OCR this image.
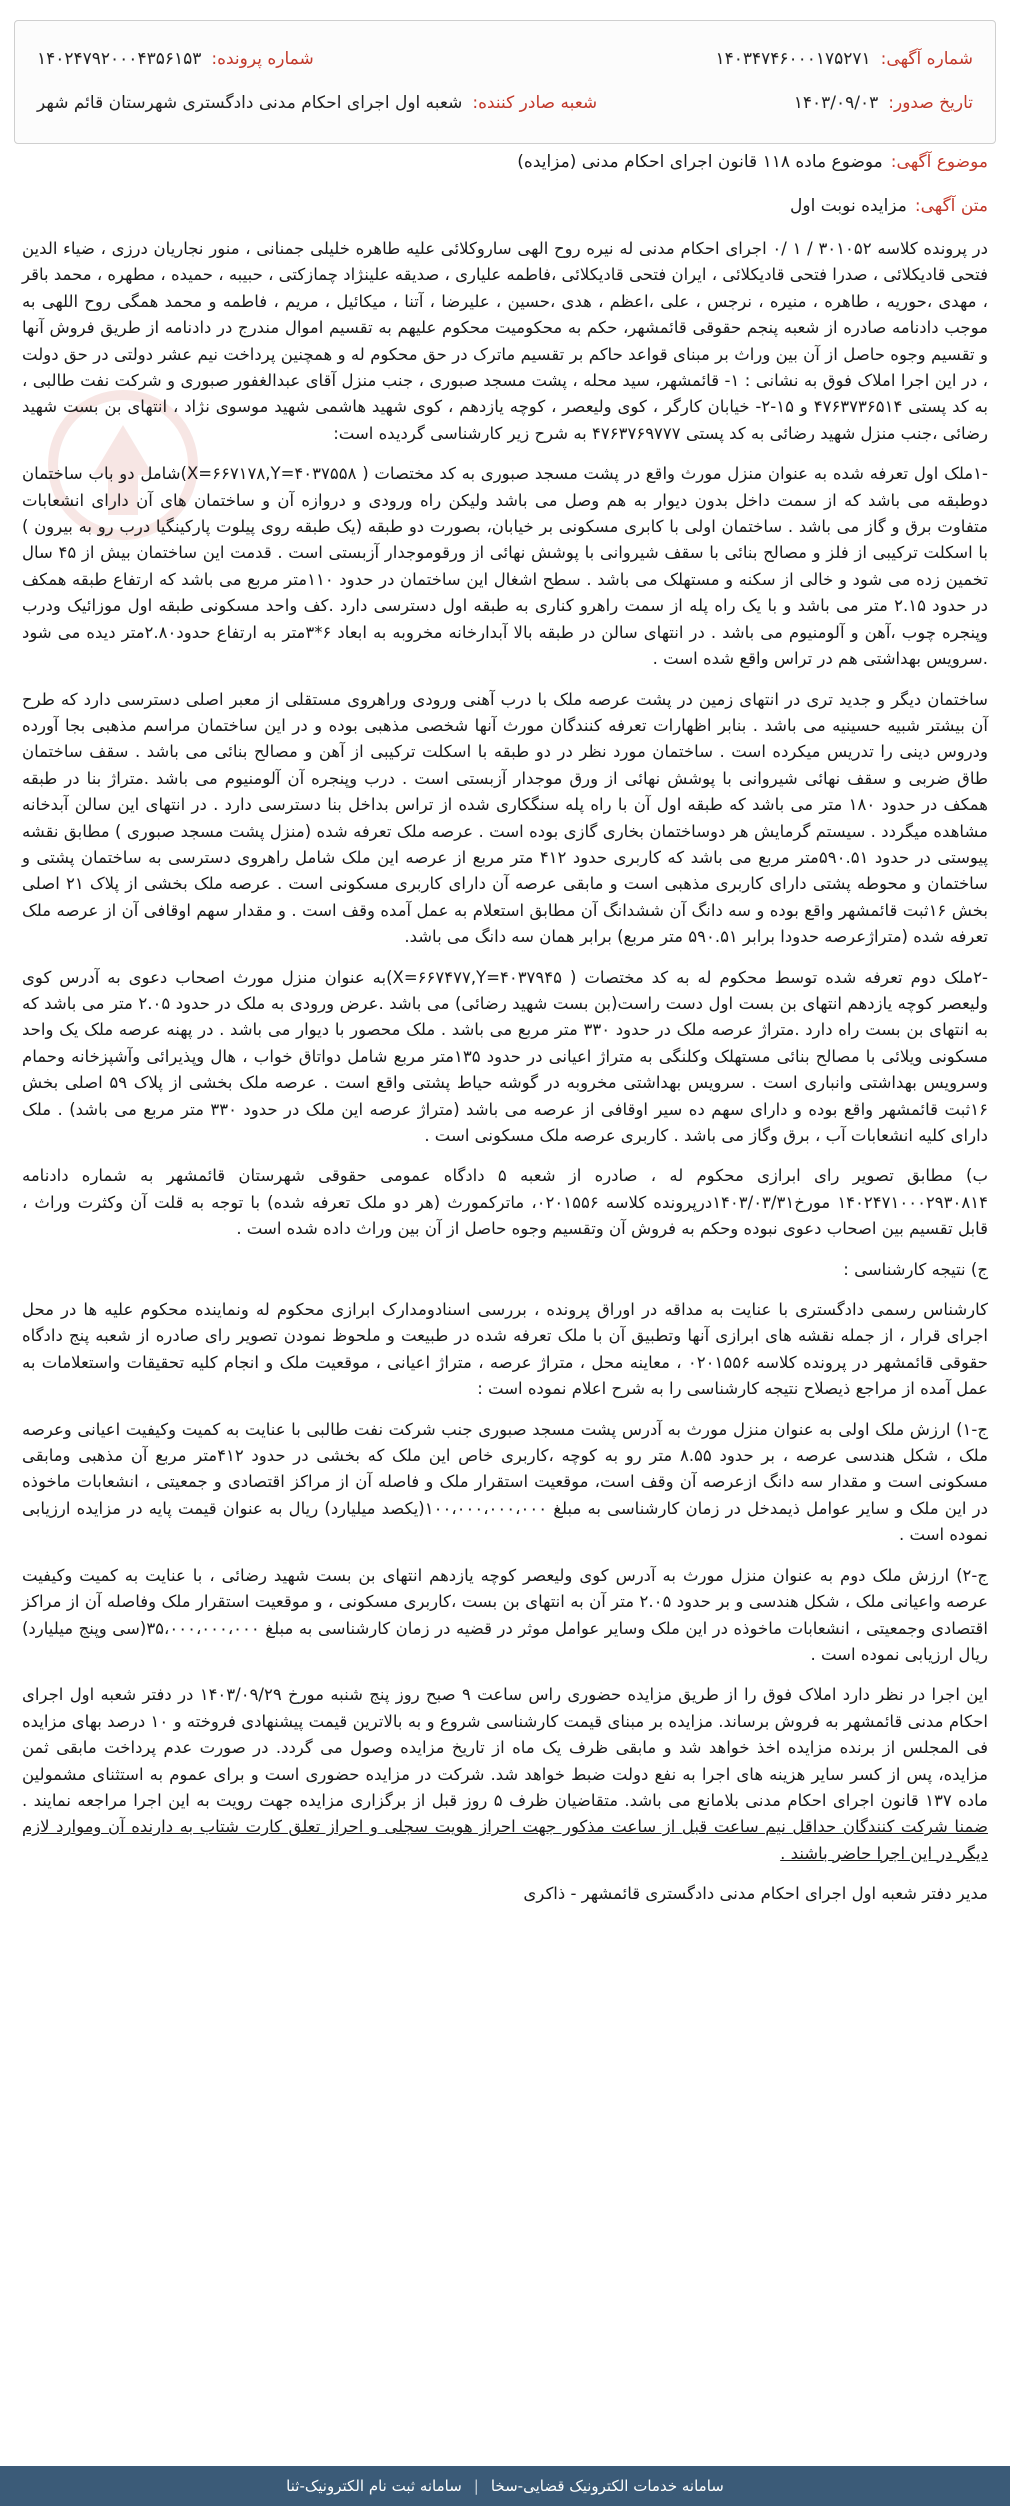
شماره آگهی:
۱۴۰۳۴۷۴۶۰۰۰۱۷۵۲۷۱
شماره پرونده:
۱۴۰۲۴۷۹۲۰۰۰۴۳۵۶۱۵۳
تاریخ صدور:
۱۴۰۳/۰۹/۰۳
شعبه صادر کننده:
شعبه اول اجرای احکام مدنی دادگستری شهرستان قائم شهر
موضوع آگهی:
موضوع ماده ۱۱۸ قانون اجرای احکام مدنی (مزایده)
متن آگهی:
مزایده نوبت اول

در پرونده کلاسه ۳۰۱۰۵۲ / ۱ /۰ اجرای احکام مدنی له نیره روح الهی ساروکلائی علیه طاهره خلیلی جمنانی ، منور نجاریان درزی ، ضیاء الدین فتحی قادیکلائی ، صدرا فتحی قادیکلائی ، ایران فتحی قادیکلائی ،فاطمه علیاری ، صدیقه علینژاد چمازکتی ، حبیبه ، حمیده ، مطهره ، محمد باقر ، مهدی ،حوریه ، طاهره ، منیره ، نرجس ، علی ،اعظم ، هدی ،حسین ، علیرضا ، آتنا ، میکائیل ، مریم ، فاطمه و محمد همگی روح اللهی به موجب دادنامه صادره از شعبه پنجم حقوقی قائمشهر، حکم به محکومیت محکوم علیهم به تقسیم اموال مندرج در دادنامه از طریق فروش آنها و تقسیم وجوه حاصل از آن بین وراث بر مبنای قواعد حاکم بر تقسیم ماترک در حق محکوم له و همچنین پرداخت نیم عشر دولتی در حق دولت ، در این اجرا املاک فوق به نشانی : ۱- قائمشهر، سید محله ، پشت مسجد صبوری ، جنب منزل آقای عبدالغفور صبوری و شرکت نفت طالبی ، به کد پستی ۴۷۶۳۷۳۶۵۱۴ و ۱۵-۲- خیابان کارگر ، کوی ولیعصر ، کوچه یازدهم ، کوی شهید هاشمی شهید موسوی نژاد ، انتهای بن بست شهید رضائی ،جنب منزل شهید رضائی به کد پستی ۴۷۶۳۷۶۹۷۷۷ به شرح زیر کارشناسی گردیده است:

-۱ملک اول تعرفه شده به عنوان منزل مورث واقع در پشت مسجد صبوری به کد مختصات ( X=۶۶۷۱۷۸,Y=۴۰۳۷۵۵۸)شامل دو باب ساختمان دوطبقه می باشد که از سمت داخل بدون دیوار به هم وصل می باشد ولیکن راه ورودی و دروازه آن و ساختمان های آن دارای انشعابات متفاوت برق و گاز می باشد . ساختمان اولی با کابری مسکونی بر خیابان، بصورت دو طبقه (یک طبقه روی پیلوت پارکینگیا درب رو به بیرون ) با اسکلت ترکیبی از فلز و مصالح بنائی با سقف شیروانی با پوشش نهائی از ورقوموجدار آزبستی است . قدمت این ساختمان بیش از ۴۵ سال تخمین زده می شود و خالی از سکنه و مستهلک می باشد . سطح اشغال این ساختمان در حدود ۱۱۰متر مربع می باشد که ارتفاع طبقه همکف در حدود ۲.۱۵ متر می باشد و با یک راه پله از سمت راهرو کناری به طبقه اول دسترسی دارد .کف واحد مسکونی طبقه اول موزائیک ودرب وپنجره چوب ،آهن و آلومنیوم می باشد . در انتهای سالن در طبقه بالا آبدارخانه مخروبه به ابعاد ۶*۳متر به ارتفاع حدود۲.۸۰متر دیده می شود .سرویس بهداشتی هم در تراس واقع شده است .

ساختمان دیگر و جدید تری در انتهای زمین در پشت عرصه ملک با درب آهنی ورودی وراهروی مستقلی از معبر اصلی دسترسی دارد که طرح آن بیشتر شبیه حسینیه می باشد . بنابر اظهارات تعرفه کنندگان مورث آنها شخصی مذهبی بوده و در این ساختمان مراسم مذهبی بجا آورده ودروس دینی را تدریس میکرده است . ساختمان مورد نظر در دو طبقه با اسکلت ترکیبی از آهن و مصالح بنائی می باشد . سقف ساختمان طاق ضربی و سقف نهائی شیروانی با پوشش نهائی از ورق موجدار آزبستی است . درب وپنجره آن آلومنیوم می باشد .متراژ بنا در طبقه همکف در حدود ۱۸۰ متر می باشد که طبقه اول آن با راه پله سنگکاری شده از تراس بداخل بنا دسترسی دارد . در انتهای این سالن آبدخانه مشاهده میگردد . سیستم گرمایش هر دوساختمان بخاری گازی بوده است . عرصه ملک تعرفه شده (منزل پشت مسجد صبوری ) مطابق نقشه پیوستی در حدود ۵۹۰.۵۱متر مربع می باشد که کاربری حدود ۴۱۲ متر مربع از عرصه این ملک شامل راهروی دسترسی به ساختمان پشتی و ساختمان و محوطه پشتی دارای کاربری مذهبی است و مابقی عرصه آن دارای کاربری مسکونی است . عرصه ملک بخشی از پلاک ۲۱ اصلی بخش ۱۶ثبت قائمشهر واقع بوده و سه دانگ آن ششدانگ آن مطابق استعلام به عمل آمده وقف است . و مقدار سهم اوقافی آن از عرصه ملک تعرفه شده (متراژعرصه حدودا برابر ۵۹۰.۵۱ متر مربع) برابر همان سه دانگ می باشد.

-۲ملک دوم تعرفه شده توسط محکوم له به کد مختصات ( X=۶۶۷۴۷۷,Y=۴۰۳۷۹۴۵)به عنوان منزل مورث اصحاب دعوی به آدرس کوی ولیعصر کوچه یازدهم انتهای بن بست اول دست راست(بن بست شهید رضائی) می باشد .عرض ورودی به ملک در حدود ۲.۰۵ متر می باشد که به انتهای بن بست راه دارد .متراژ عرصه ملک در حدود ۳۳۰ متر مربع می باشد . ملک محصور با دیوار می باشد . در پهنه عرصه ملک یک واحد مسکونی ویلائی با مصالح بنائی مستهلک وکلنگی به متراژ اعیانی در حدود ۱۳۵متر مربع شامل دواتاق خواب ، هال وپذیرائی وآشپزخانه وحمام وسرویس بهداشتی وانباری است . سرویس بهداشتی مخروبه در گوشه حیاط پشتی واقع است . عرصه ملک بخشی از پلاک ۵۹ اصلی بخش ۱۶ثبت قائمشهر واقع بوده و دارای سهم ده سیر اوقافی از عرصه می باشد (متراژ عرصه این ملک در حدود ۳۳۰ متر مربع می باشد) . ملک دارای کلیه انشعابات آب ، برق وگاز می باشد . کاربری عرصه ملک مسکونی است .

ب) مطابق تصویر رای ابرازی محکوم له ، صادره از شعبه ۵ دادگاه عمومی حقوقی شهرستان قائمشهر به شماره دادنامه ۱۴۰۲۴۷۱۰۰۰۲۹۳۰۸۱۴ مورخ۱۴۰۳/۰۳/۳۱درپرونده کلاسه ۰۲۰۱۵۵۶، ماترکمورث (هر دو ملک تعرفه شده) با توجه به قلت آن وکثرت وراث ، قابل تقسیم بین اصحاب دعوی نبوده وحکم به فروش آن وتقسیم وجوه حاصل از آن بین وراث داده شده است .

ج) نتیجه کارشناسی :

کارشناس رسمی دادگستری با عنایت به مداقه در اوراق پرونده ، بررسی اسنادومدارک ابرازی محکوم له ونماینده محکوم علیه ها در محل اجرای قرار ، از جمله نقشه های ابرازی آنها وتطبیق آن با ملک تعرفه شده در طبیعت و ملحوظ نمودن تصویر رای صادره از شعبه پنج دادگاه حقوقی قائمشهر در پرونده کلاسه ۰۲۰۱۵۵۶ ، معاینه محل ، متراژ عرصه ، متراژ اعیانی ، موقعیت ملک و انجام کلیه تحقیقات واستعلامات به عمل آمده از مراجع ذیصلاح نتیجه کارشناسی را به شرح اعلام نموده است :

ج-۱) ارزش ملک اولی به عنوان منزل مورث به آدرس پشت مسجد صبوری جنب شرکت نفت طالبی با عنایت به کمیت وکیفیت اعیانی وعرصه ملک ، شکل هندسی عرصه ، بر حدود ۸.۵۵ متر رو به کوچه ،کاربری خاص این ملک که بخشی در حدود ۴۱۲متر مربع آن مذهبی ومابقی مسکونی است و مقدار سه دانگ ازعرصه آن وقف است، موقعیت استقرار ملک و فاصله آن از مراکز اقتصادی و جمعیتی ، انشعابات ماخوذه در این ملک و سایر عوامل ذیمدخل در زمان کارشناسی به مبلغ ۱۰۰،۰۰۰،۰۰۰،۰۰۰(یکصد میلیارد) ریال به عنوان قیمت پایه در مزایده ارزیابی نموده است .

ج-۲) ارزش ملک دوم به عنوان منزل مورث به آدرس کوی ولیعصر کوچه یازدهم انتهای بن بست شهید رضائی ، با عنایت به کمیت وکیفیت عرصه واعیانی ملک ، شکل هندسی و بر حدود ۲.۰۵ متر آن به انتهای بن بست ،کاربری مسکونی ، و موقعیت استقرار ملک وفاصله آن از مراکز اقتصادی وجمعیتی ، انشعابات ماخوذه در این ملک وسایر عوامل موثر در قضیه در زمان کارشناسی به مبلغ ۳۵،۰۰۰،۰۰۰،۰۰۰(سی وپنج میلیارد) ریال ارزیابی نموده است .

این اجرا در نظر دارد املاک فوق را از طریق مزایده حضوری راس ساعت ۹ صبح روز پنج شنبه مورخ ۱۴۰۳/۰۹/۲۹ در دفتر شعبه اول اجرای احکام مدنی قائمشهر به فروش برساند. مزایده بر مبنای قیمت کارشناسی شروع و به بالاترین قیمت پیشنهادی فروخته و ۱۰ درصد بهای مزایده فی المجلس از برنده مزایده اخذ خواهد شد و مابقی ظرف یک ماه از تاریخ مزایده وصول می گردد. در صورت عدم پرداخت مابقی ثمن مزایده، پس از کسر سایر هزینه های اجرا به نفع دولت ضبط خواهد شد. شرکت در مزایده حضوری است و برای عموم به استثنای مشمولین ماده ۱۳۷ قانون اجرای احکام مدنی بلامانع می باشد. متقاضیان ظرف ۵ روز قبل از برگزاری مزایده جهت رویت به این اجرا مراجعه نمایند . ضمنا شرکت کنندگان حداقل نیم ساعت قبل از ساعت مذکور جهت احراز هویت سجلی و احراز تعلق کارت شتاب به دارنده آن وموارد لازم دیگر در این اجرا حاضر باشند .

مدیر دفتر شعبه اول اجرای احکام مدنی دادگستری قائمشهر - ذاکری

سامانه خدمات الکترونیک قضایی-سخا
|
سامانه ثبت نام الکترونیک-ثنا
